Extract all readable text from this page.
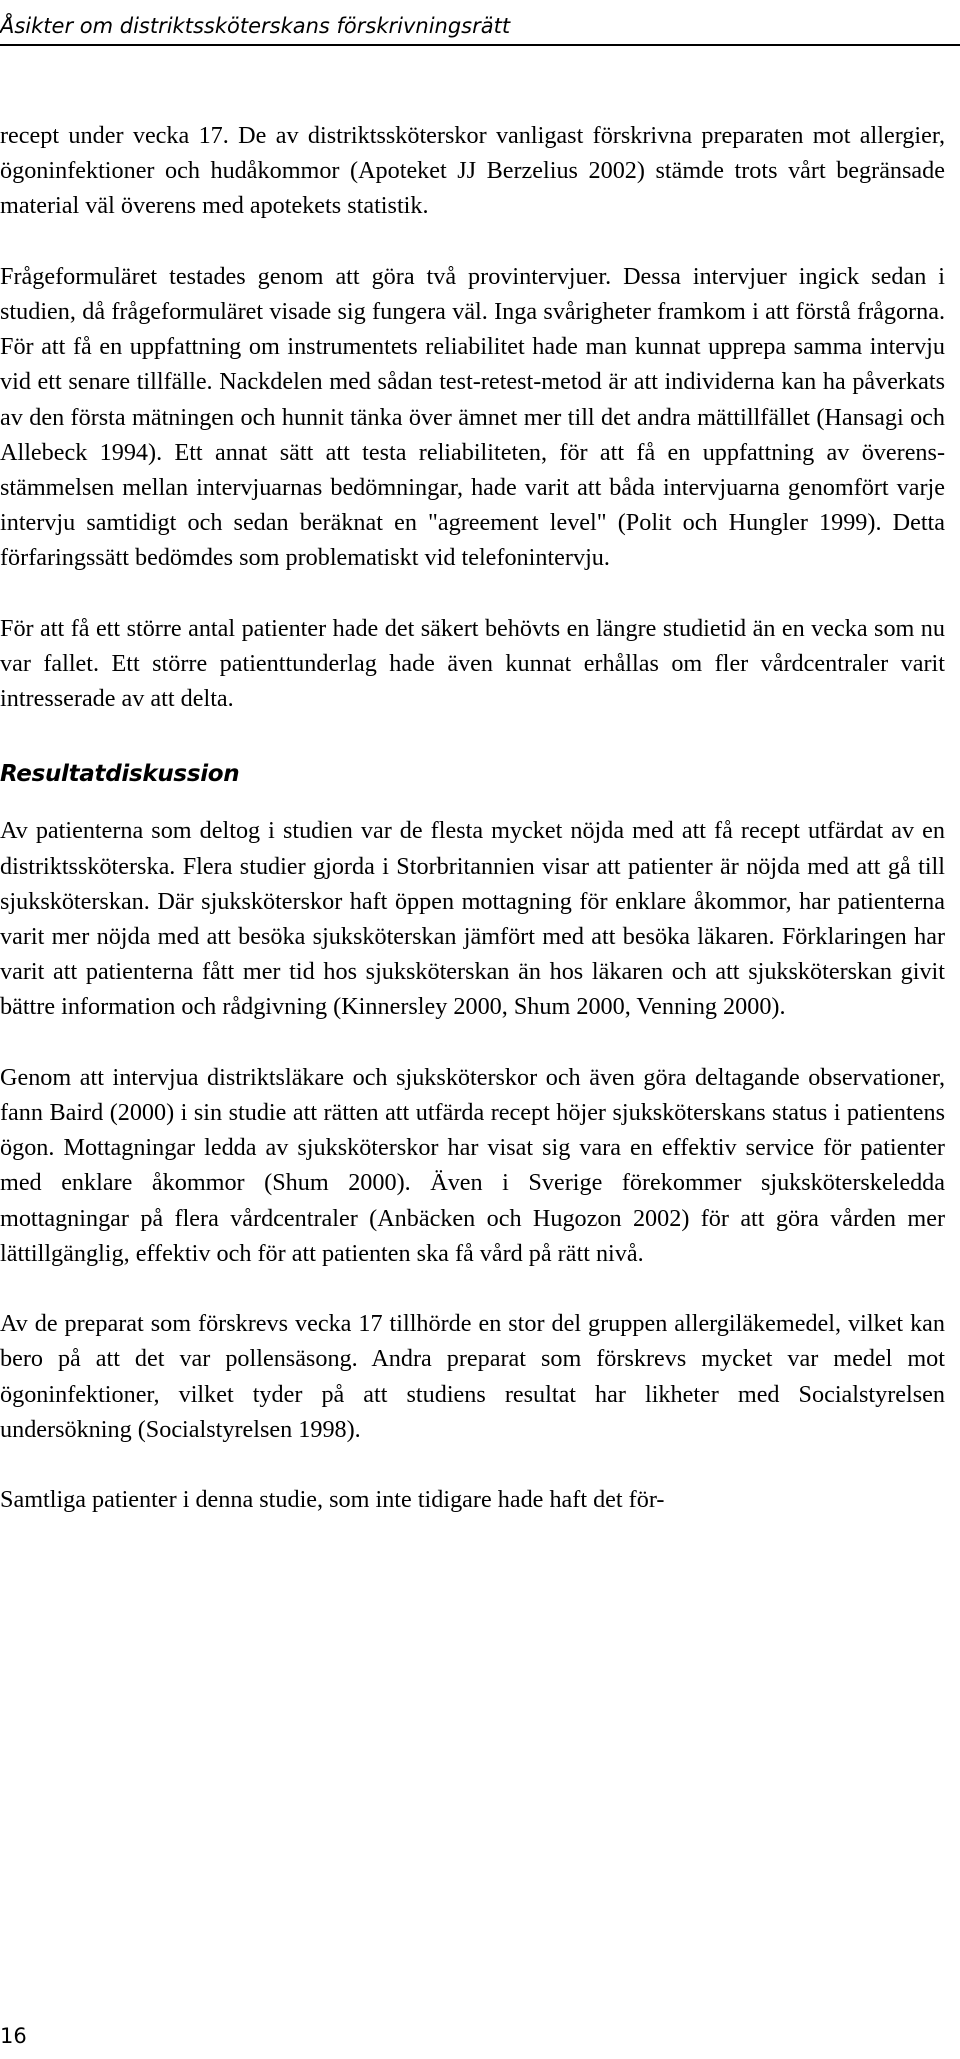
Åsikter om distriktssköterskans förskrivningsrätt

recept under vecka 17. De av distriktssköterskor vanligast förskrivna preparaten mot allergier, ögoninfektioner och hudåkommor (Apoteket JJ Berzelius 2002) stämde trots vårt begränsade material väl överens med apotekets statistik.

Frågeformuläret testades genom att göra två provintervjuer. Dessa intervjuer ingick sedan i studien, då frågeformuläret visade sig fungera väl. Inga svårigheter framkom i att förstå frågorna. För att få en uppfattning om instrumentets reliabilitet hade man kunnat upprepa samma intervju vid ett senare tillfälle. Nackdelen med sådan test-retest-metod är att individerna kan ha påverkats av den första mätningen och hunnit tänka över ämnet mer till det andra mättillfället (Hansagi och Allebeck 1994). Ett annat sätt att testa reliabiliteten, för att få en uppfattning av överensstämmelsen mellan intervjuarnas bedömningar, hade varit att båda intervjuarna genomfört varje intervju samtidigt och sedan beräknat en "agreement level" (Polit och Hungler 1999). Detta förfaringssätt bedömdes som problematiskt vid telefonintervju.

För att få ett större antal patienter hade det säkert behövts en längre studietid än en vecka som nu var fallet. Ett större patienttunderlag hade även kunnat erhållas om fler vårdcentraler varit intresserade av att delta.

Resultatdiskussion

Av patienterna som deltog i studien var de flesta mycket nöjda med att få recept utfärdat av en distriktssköterska. Flera studier gjorda i Storbritannien visar att patienter är nöjda med att gå till sjuksköterskan. Där sjuksköterskor haft öppen mottagning för enklare åkommor, har patienterna varit mer nöjda med att besöka sjuksköterskan jämfört med att besöka läkaren. Förklaringen har varit att patienterna fått mer tid hos sjuksköterskan än hos läkaren och att sjuksköterskan givit bättre information och rådgivning (Kinnersley 2000, Shum 2000, Venning 2000).

Genom att intervjua distriktsläkare och sjuksköterskor och även göra deltagande observationer, fann Baird (2000) i sin studie att rätten att utfärda recept höjer sjuksköterskans status i patientens ögon. Mottagningar ledda av sjuksköterskor har visat sig vara en effektiv service för patienter med enklare åkommor (Shum 2000). Även i Sverige förekommer sjuksköterskeledda mottagningar på flera vårdcentraler (Anbäcken och Hugozon 2002) för att göra vården mer lättillgänglig, effektiv och för att patienten ska få vård på rätt nivå.

Av de preparat som förskrevs vecka 17 tillhörde en stor del gruppen allergiläkemedel, vilket kan bero på att det var pollensäsong. Andra preparat som förskrevs mycket var medel mot ögoninfektioner, vilket tyder på att studiens resultat har likheter med Socialstyrelsen undersökning (Socialstyrelsen 1998).

Samtliga patienter i denna studie, som inte tidigare hade haft det för-

16
